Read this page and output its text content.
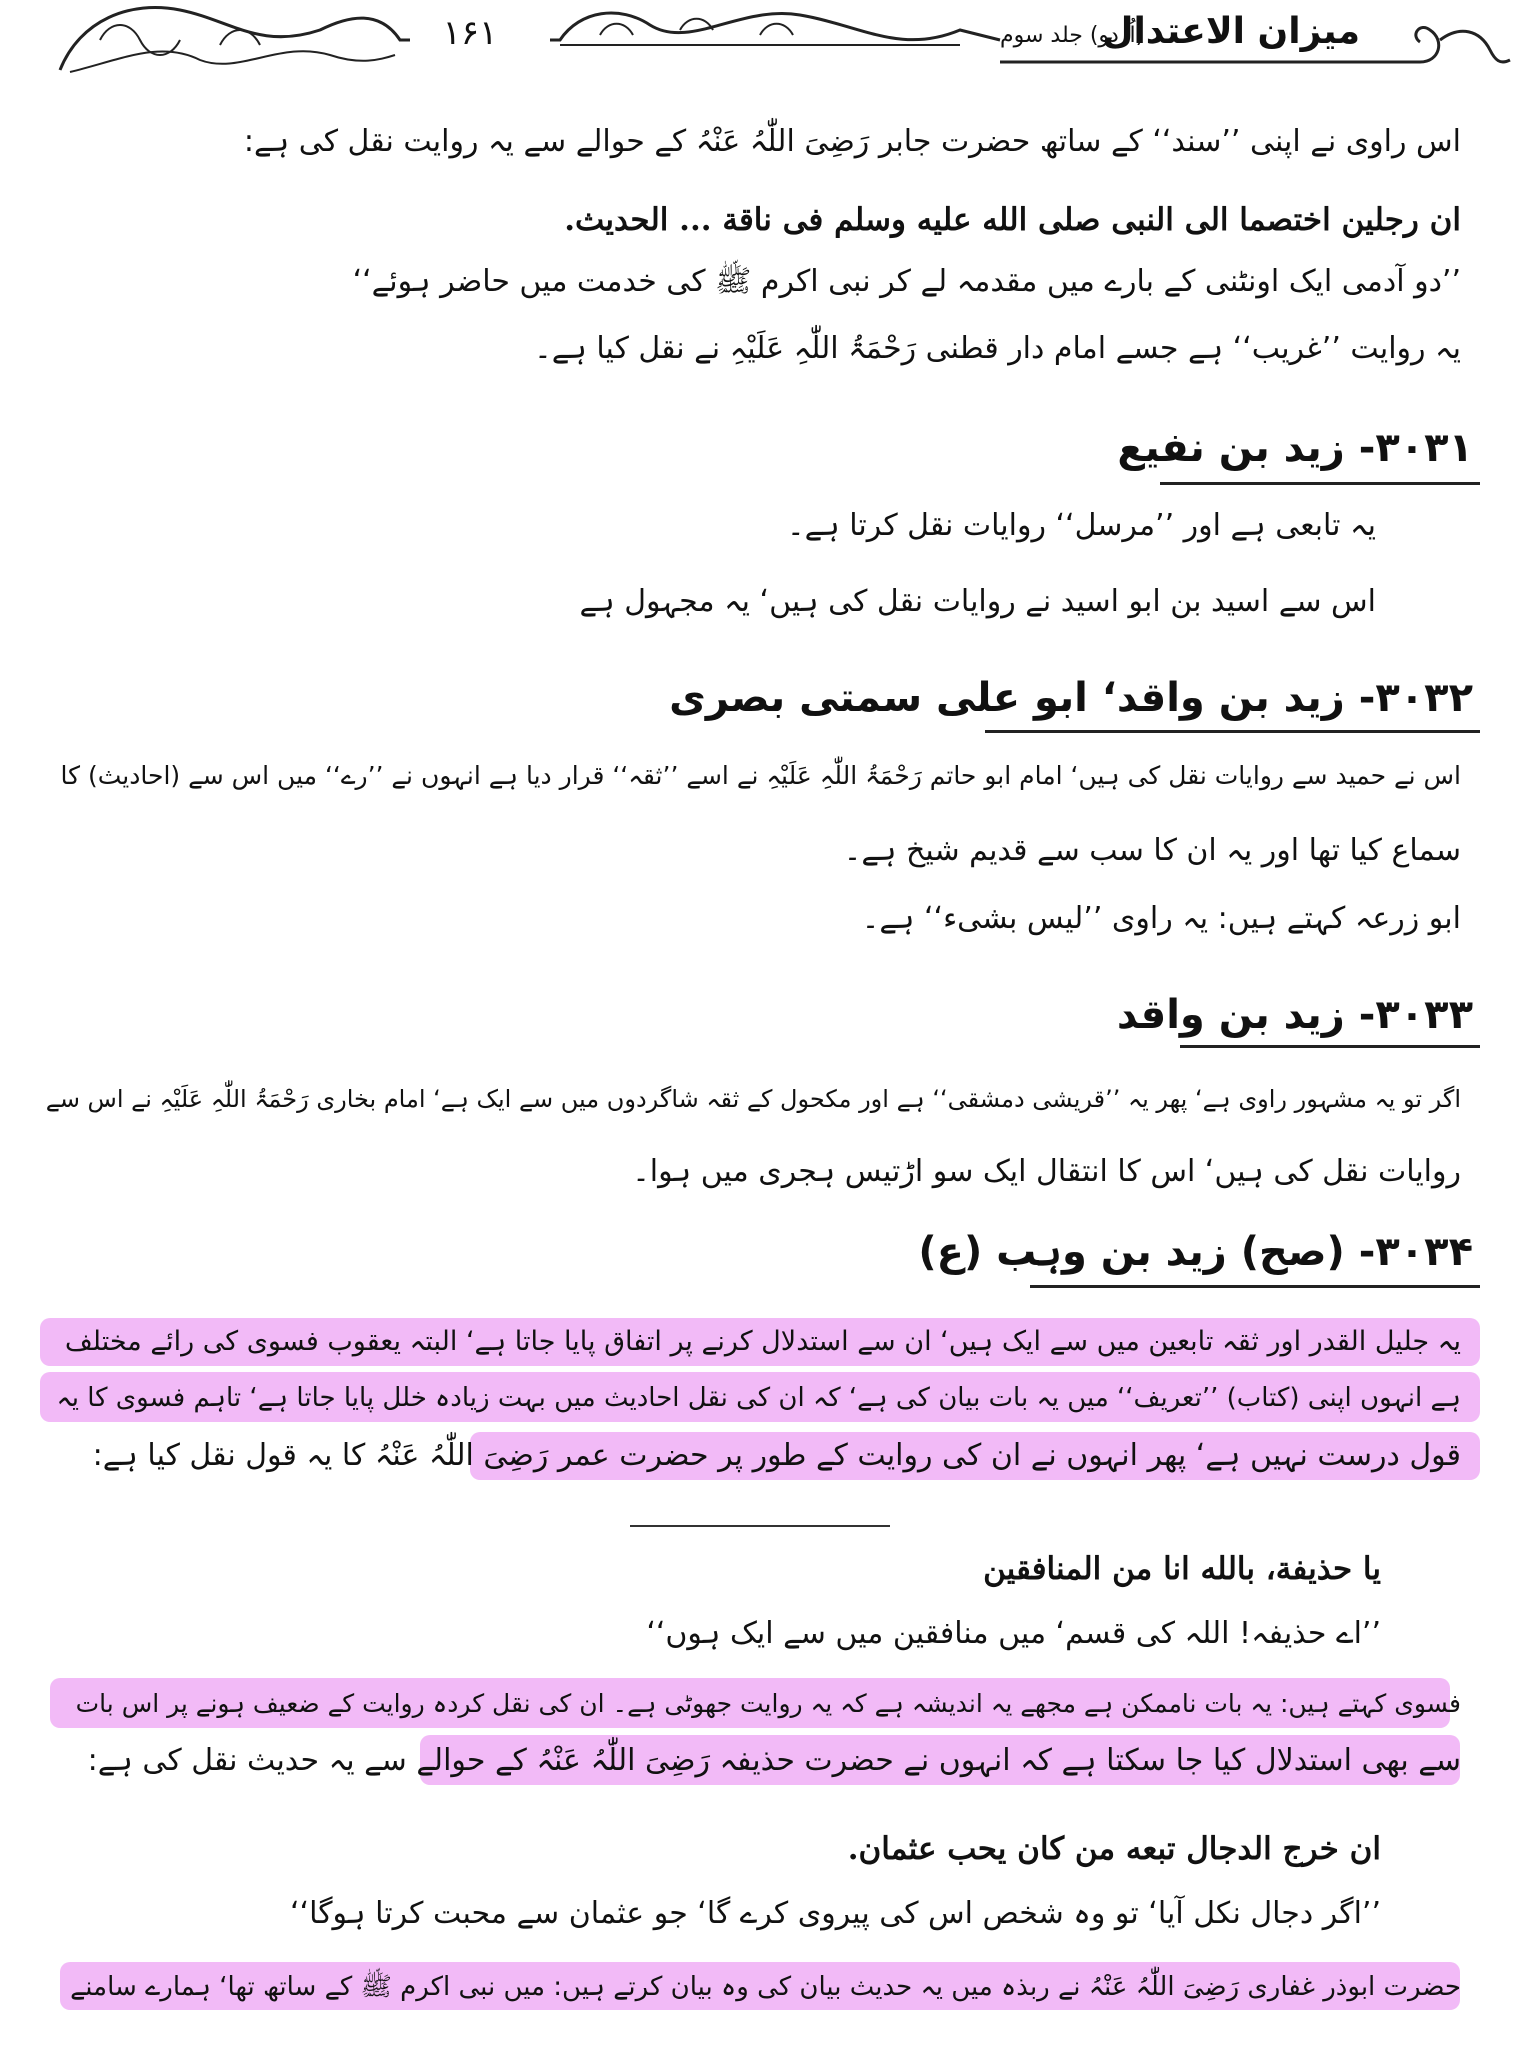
۱۶۱	میزان الاعتدال
(اُردو) جلد سوم
اس راوی نے اپنی ’’سند‘‘ کے ساتھ حضرت جابر رَضِیَ اللّٰہُ عَنْہُ کے حوالے سے یہ روایت نقل کی ہے:
ان رجلين اختصما الى النبى صلى الله عليه وسلم فى ناقة ... الحديث.
’’دو آدمی ایک اونٹنی کے بارے میں مقدمہ لے کر نبی اکرم ﷺ کی خدمت میں حاضر ہوئے‘‘
یہ روایت ’’غریب‘‘ ہے جسے امام دار قطنی رَحْمَۃُ اللّٰہِ عَلَیْہِ نے نقل کیا ہے۔
۳۰۳۱- زید بن نفیع
یہ تابعی ہے اور ’’مرسل‘‘ روایات نقل کرتا ہے۔
اس سے اسید بن ابو اسید نے روایات نقل کی ہیں‘ یہ مجہول ہے
۳۰۳۲- زید بن واقد‘ ابو علی سمتی بصری
اس نے حمید سے روایات نقل کی ہیں‘ امام ابو حاتم رَحْمَۃُ اللّٰہِ عَلَیْہِ نے اسے ’’ثقہ‘‘ قرار دیا ہے انہوں نے ’’رے‘‘ میں اس سے (احادیث) کا
سماع کیا تھا اور یہ ان کا سب سے قدیم شیخ ہے۔
ابو زرعہ کہتے ہیں: یہ راوی ’’لیس بشیء‘‘ ہے۔
۳۰۳۳- زید بن واقد
اگر تو یہ مشہور راوی ہے‘ پھر یہ ’’قریشی دمشقی‘‘ ہے اور مکحول کے ثقہ شاگردوں میں سے ایک ہے‘ امام بخاری رَحْمَۃُ اللّٰہِ عَلَیْہِ نے اس سے
روایات نقل کی ہیں‘ اس کا انتقال ایک سو اڑتیس ہجری میں ہوا۔
۳۰۳۴- (صح) زید بن وہب (ع)
یہ جلیل القدر اور ثقہ تابعین میں سے ایک ہیں‘ ان سے استدلال کرنے پر اتفاق پایا جاتا ہے‘ البتہ یعقوب فسوی کی رائے مختلف
ہے انہوں اپنی (کتاب) ’’تعریف‘‘ میں یہ بات بیان کی ہے‘ کہ ان کی نقل احادیث میں بہت زیادہ خلل پایا جاتا ہے‘ تاہم فسوی کا یہ
قول درست نہیں ہے‘ پھر انہوں نے ان کی روایت کے طور پر حضرت عمر رَضِیَ اللّٰہُ عَنْہُ کا یہ قول نقل کیا ہے:
يا حذيفة، بالله انا من المنافقين
’’اے حذیفہ! اللہ کی قسم‘ میں منافقین میں سے ایک ہوں‘‘
فسوی کہتے ہیں: یہ بات ناممکن ہے مجھے یہ اندیشہ ہے کہ یہ روایت جھوٹی ہے۔ ان کی نقل کردہ روایت کے ضعیف ہونے پر اس بات
سے بھی استدلال کیا جا سکتا ہے کہ انہوں نے حضرت حذیفہ رَضِیَ اللّٰہُ عَنْہُ کے حوالے سے یہ حدیث نقل کی ہے:
ان خرج الدجال تبعه من كان يحب عثمان.
’’اگر دجال نکل آیا‘ تو وہ شخص اس کی پیروی کرے گا‘ جو عثمان سے محبت کرتا ہوگا‘‘
حضرت ابوذر غفاری رَضِیَ اللّٰہُ عَنْہُ نے ربذہ میں یہ حدیث بیان کی وہ بیان کرتے ہیں: میں نبی اکرم ﷺ کے ساتھ تھا‘ ہمارے سامنے
